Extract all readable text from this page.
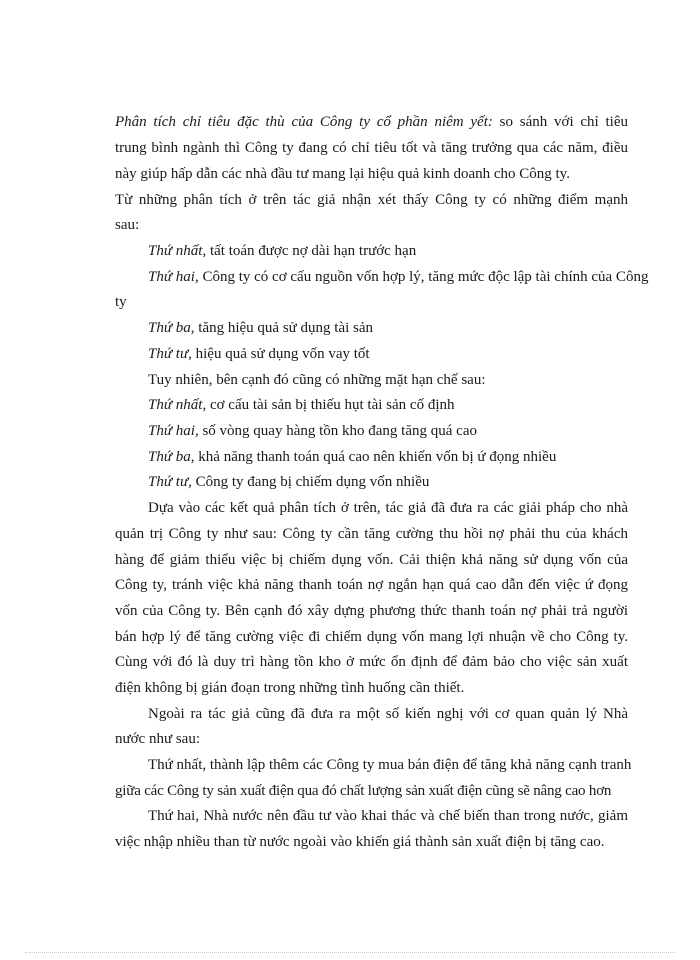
Phân tích chỉ tiêu đặc thù của Công ty cổ phần niêm yết: so sánh với chỉ tiêu
trung bình ngành thì Công ty đang có chỉ tiêu tốt và tăng trưởng qua các năm, điều
này giúp hấp dẫn các nhà đầu tư mang lại hiệu quả kinh doanh cho Công ty.
Từ những phân tích ở trên tác giả nhận xét thấy Công ty có những điểm mạnh
sau:
Thứ nhất, tất toán được nợ dài hạn trước hạn
Thứ hai, Công ty có cơ cấu nguồn vốn hợp lý, tăng mức độc lập tài chính của Công
ty
Thứ ba, tăng hiệu quả sử dụng tài sản
Thứ tư, hiệu quả sử dụng vốn vay tốt
Tuy nhiên, bên cạnh đó cũng có những mặt hạn chế sau:
Thứ nhất, cơ cấu tài sản bị thiếu hụt tài sản cố định
Thứ hai, số vòng quay hàng tồn kho đang tăng quá cao
Thứ ba, khả năng thanh toán quá cao nên khiến vốn bị ứ đọng nhiều
Thứ tư, Công ty đang bị chiếm dụng vốn nhiều
Dựa vào các kết quả phân tích ở trên, tác giả đã đưa ra các giải pháp cho nhà
quản trị Công ty như sau: Công ty cần tăng cường thu hồi nợ phải thu của khách
hàng để giảm thiểu việc bị chiếm dụng vốn. Cải thiện khả năng sử dụng vốn của
Công ty, tránh việc khả năng thanh toán nợ ngắn hạn quá cao dẫn đến việc ứ đọng
vốn của Công ty. Bên cạnh đó xây dựng phương thức thanh toán nợ phải trả người
bán hợp lý để tăng cường việc đi chiếm dụng vốn mang lợi nhuận về cho Công ty.
Cùng với đó là duy trì hàng tồn kho ở mức ổn định để đảm bảo cho việc sản xuất
điện không bị gián đoạn trong những tình huống cần thiết.
Ngoài ra tác giả cũng đã đưa ra một số kiến nghị với cơ quan quản lý Nhà
nước như sau:
Thứ nhất, thành lập thêm các Công ty mua bán điện để tăng khả năng cạnh tranh
giữa các Công ty sản xuất điện qua đó chất lượng sản xuất điện cũng sẽ nâng cao hơn
Thứ hai, Nhà nước nên đầu tư vào khai thác và chế biến than trong nước, giảm
việc nhập nhiều than từ nước ngoài vào khiến giá thành sản xuất điện bị tăng cao.
